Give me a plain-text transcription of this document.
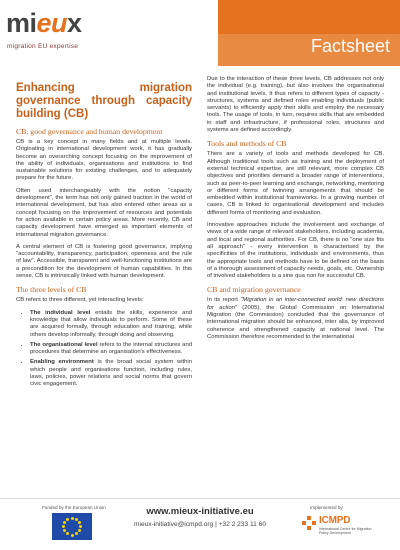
mieux
migration EU expertise	Factsheet
Enhancing migration governance through capacity building (CB)
CB, good governance and human development

CB is a key concept in many fields and at multiple levels. Originating in international development work, it has gradually become an overarching concept focusing on the improvement of the ability of individuals, organisations and institutions to find sustainable solutions for existing challenges, and to adequately prepare for the future.

Often used interchangeably with the notion "capacity development", the term has not only gained traction in the world of international development, but has also entered other areas as a concept focusing on the improvement of resources and potentials for action available in certain policy areas. More recently, CB and capacity development have emerged as important elements of international migration governance.

A central element of CB is fostering good governance, implying "accountability, transparency, participation, openness and the rule of law". Accessible, transparent and well-functioning institutions are a precondition for the development of human capabilities. In this sense, CB is intrinsically linked with human development.

The three levels of CB

CB refers to three different, yet interacting levels:

• The individual level entails the skills, experience and knowledge that allow individuals to perform. Some of these are acquired formally, through education and training, while others develop informally, through doing and observing.
• The organisational level refers to the internal structures and procedures that determine an organisation's effectiveness.
• Enabling environment is the broad social system within which people and organisations function, including rules, laws, policies, power relations and social norms that govern civic engagement.

Due to the interaction of these three levels, CB addresses not only the individual (e.g. training), but also involves the organisational and institutional levels. It thus refers to different types of capacity - structures, systems and defined roles enabling individuals (public servants) to efficiently apply their skills and employ the necessary tools. The usage of tools, in turn, requires skills that are embedded in staff and infrastructure, if professional roles, structures and systems are defined accordingly.

Tools and methods of CB

There are a variety of tools and methods developed for CB. Although traditional tools such as training and the deployment of external technical expertise, are still relevant, more complex CB objectives and priorities demand a broader range of interventions, such as peer-to-peer learning and exchange, networking, mentoring or different forms of twinning arrangements that should be embedded within institutional frameworks. In a growing number of cases, CB is linked to organisational development and includes different forms of monitoring and evaluation.

Innovative approaches include the involvement and exchange of views of a wide range of relevant stakeholders, including academia, and local and regional authorities. For CB, there is no "one size fits all approach" - every intervention is characterised by the specificities of the institutions, individuals and environments, thus the appropriate tools and methods have to be defined on the basis of a thorough assessment of capacity needs, goals, etc. Ownership of involved stakeholders is a sine qua non for successful CB.

CB and migration governance

In its report "Migration in an inter-connected world: new directions for action" (2005), the Global Commission on International Migration (the Commission) concluded that the governance of international migration should be enhanced, inter alia, by improved coherence and strengthened capacity at national level. The Commission therefore recommended to the international

Funded by the European Union	www.mieux-initiative.eu
mieux-initiative@icmpd.org | +32 2 233 11 60
Implemented by
ICMPD
International Centre for Migration Policy Development
